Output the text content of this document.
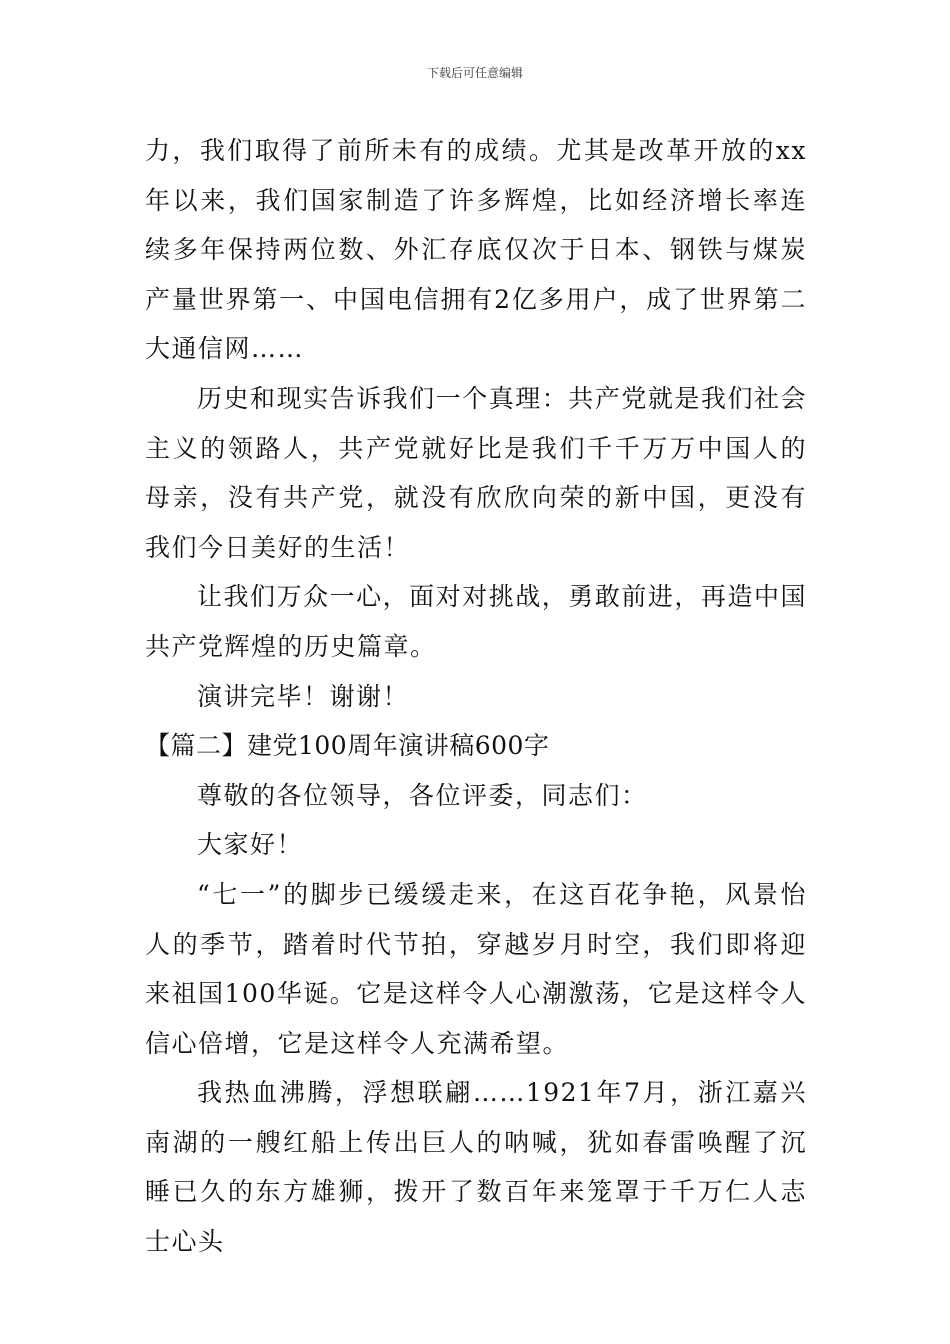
下载后可任意编辑

力，我们取得了前所未有的成绩。尤其是改革开放的xx年以来，我们国家制造了许多辉煌，比如经济增长率连续多年保持两位数、外汇存底仅次于日本、钢铁与煤炭产量世界第一、中国电信拥有2亿多用户，成了世界第二大通信网……

历史和现实告诉我们一个真理：共产党就是我们社会主义的领路人，共产党就好比是我们千千万万中国人的母亲，没有共产党，就没有欣欣向荣的新中国，更没有我们今日美好的生活！

让我们万众一心，面对对挑战，勇敢前进，再造中国共产党辉煌的历史篇章。

演讲完毕！谢谢！

【篇二】建党100周年演讲稿600字

尊敬的各位领导，各位评委，同志们：

大家好！

“七一”的脚步已缓缓走来，在这百花争艳，风景怡人的季节，踏着时代节拍，穿越岁月时空，我们即将迎来祖国100华诞。它是这样令人心潮激荡，它是这样令人信心倍增，它是这样令人充满希望。

我热血沸腾，浮想联翩……1921年7月，浙江嘉兴南湖的一艘红船上传出巨人的呐喊，犹如春雷唤醒了沉睡已久的东方雄狮，拨开了数百年来笼罩于千万仁人志士心头
